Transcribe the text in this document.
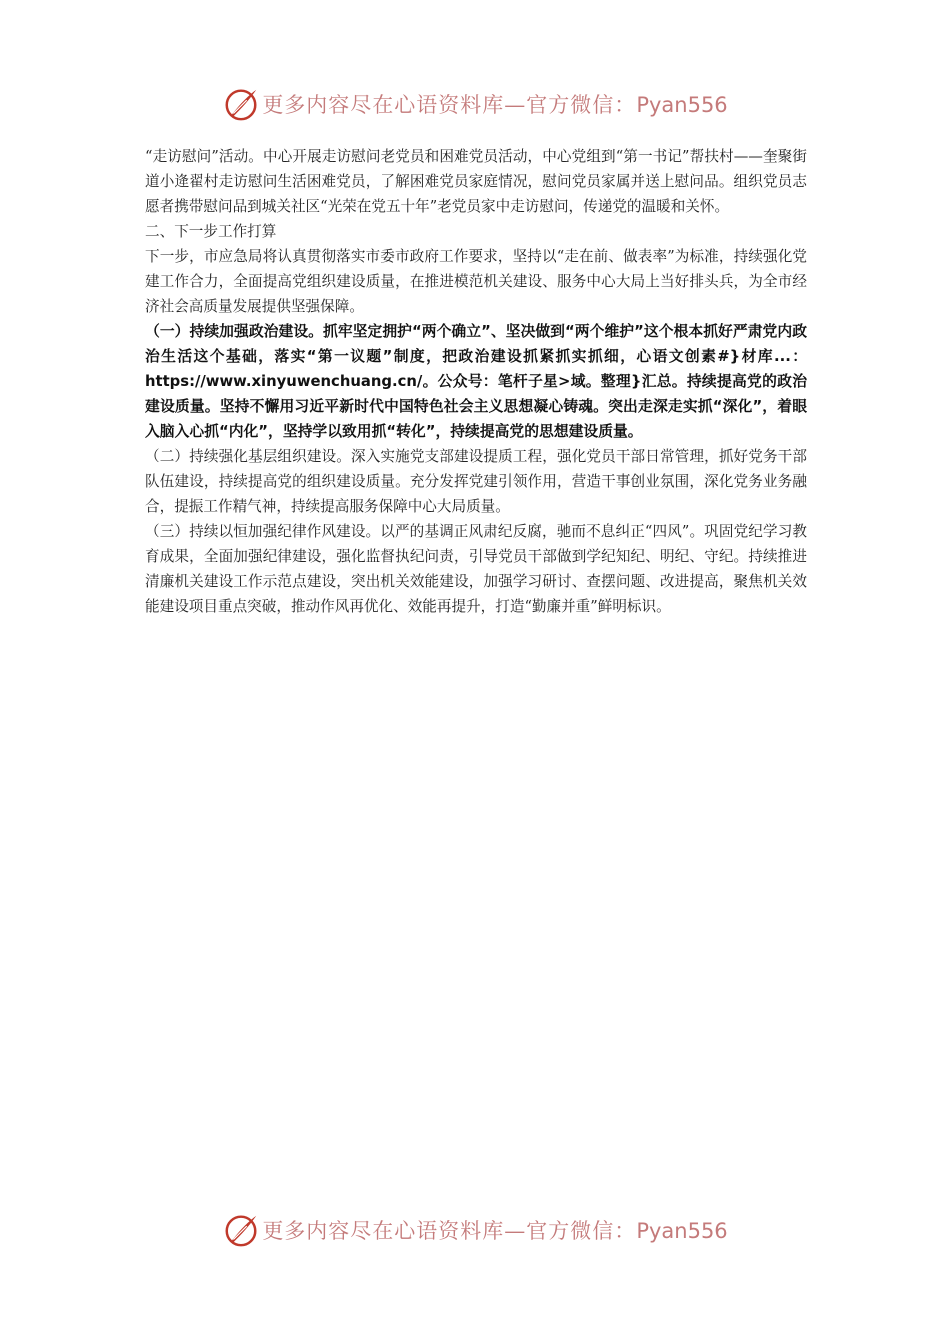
更多内容尽在心语资料库—官方微信：Pyan556

“走访慰问”活动。中心开展走访慰问老党员和困难党员活动，中心党组到“第一书记”帮扶村——奎聚街道小逄翟村走访慰问生活困难党员，了解困难党员家庭情况，慰问党员家属并送上慰问品。组织党员志愿者携带慰问品到城关社区“光荣在党五十年”老党员家中走访慰问，传递党的温暖和关怀。

二、下一步工作打算

下一步，市应急局将认真贯彻落实市委市政府工作要求，坚持以“走在前、做表率”为标准，持续强化党建工作合力，全面提高党组织建设质量，在推进模范机关建设、服务中心大局上当好排头兵，为全市经济社会高质量发展提供坚强保障。

（一）持续加强政治建设。抓牢坚定拥护“两个确立”、坚决做到“两个维护”这个根本抓好严肃党内政治生活这个基础，落实“第一议题”制度，把政治建设抓紧抓实抓细，心语文创素#}材库...：https://www.xinyuwenchuang.cn/。公众号：笔杆子星>域。整理}汇总。持续提高党的政治建设质量。坚持不懈用习近平新时代中国特色社会主义思想凝心铸魂。突出走深走实抓“深化”，着眼入脑入心抓“内化”，坚持学以致用抓“转化”，持续提高党的思想建设质量。

（二）持续强化基层组织建设。深入实施党支部建设提质工程，强化党员干部日常管理，抓好党务干部队伍建设，持续提高党的组织建设质量。充分发挥党建引领作用，营造干事创业氛围，深化党务业务融合，提振工作精气神，持续提高服务保障中心大局质量。

（三）持续以恒加强纪律作风建设。以严的基调正风肃纪反腐，驰而不息纠正“四风”。巩固党纪学习教育成果，全面加强纪律建设，强化监督执纪问责，引导党员干部做到学纪知纪、明纪、守纪。持续推进清廉机关建设工作示范点建设，突出机关效能建设，加强学习研讨、查摆问题、改进提高，聚焦机关效能建设项目重点突破，推动作风再优化、效能再提升，打造“勤廉并重”鲜明标识。

更多内容尽在心语资料库—官方微信：Pyan556
